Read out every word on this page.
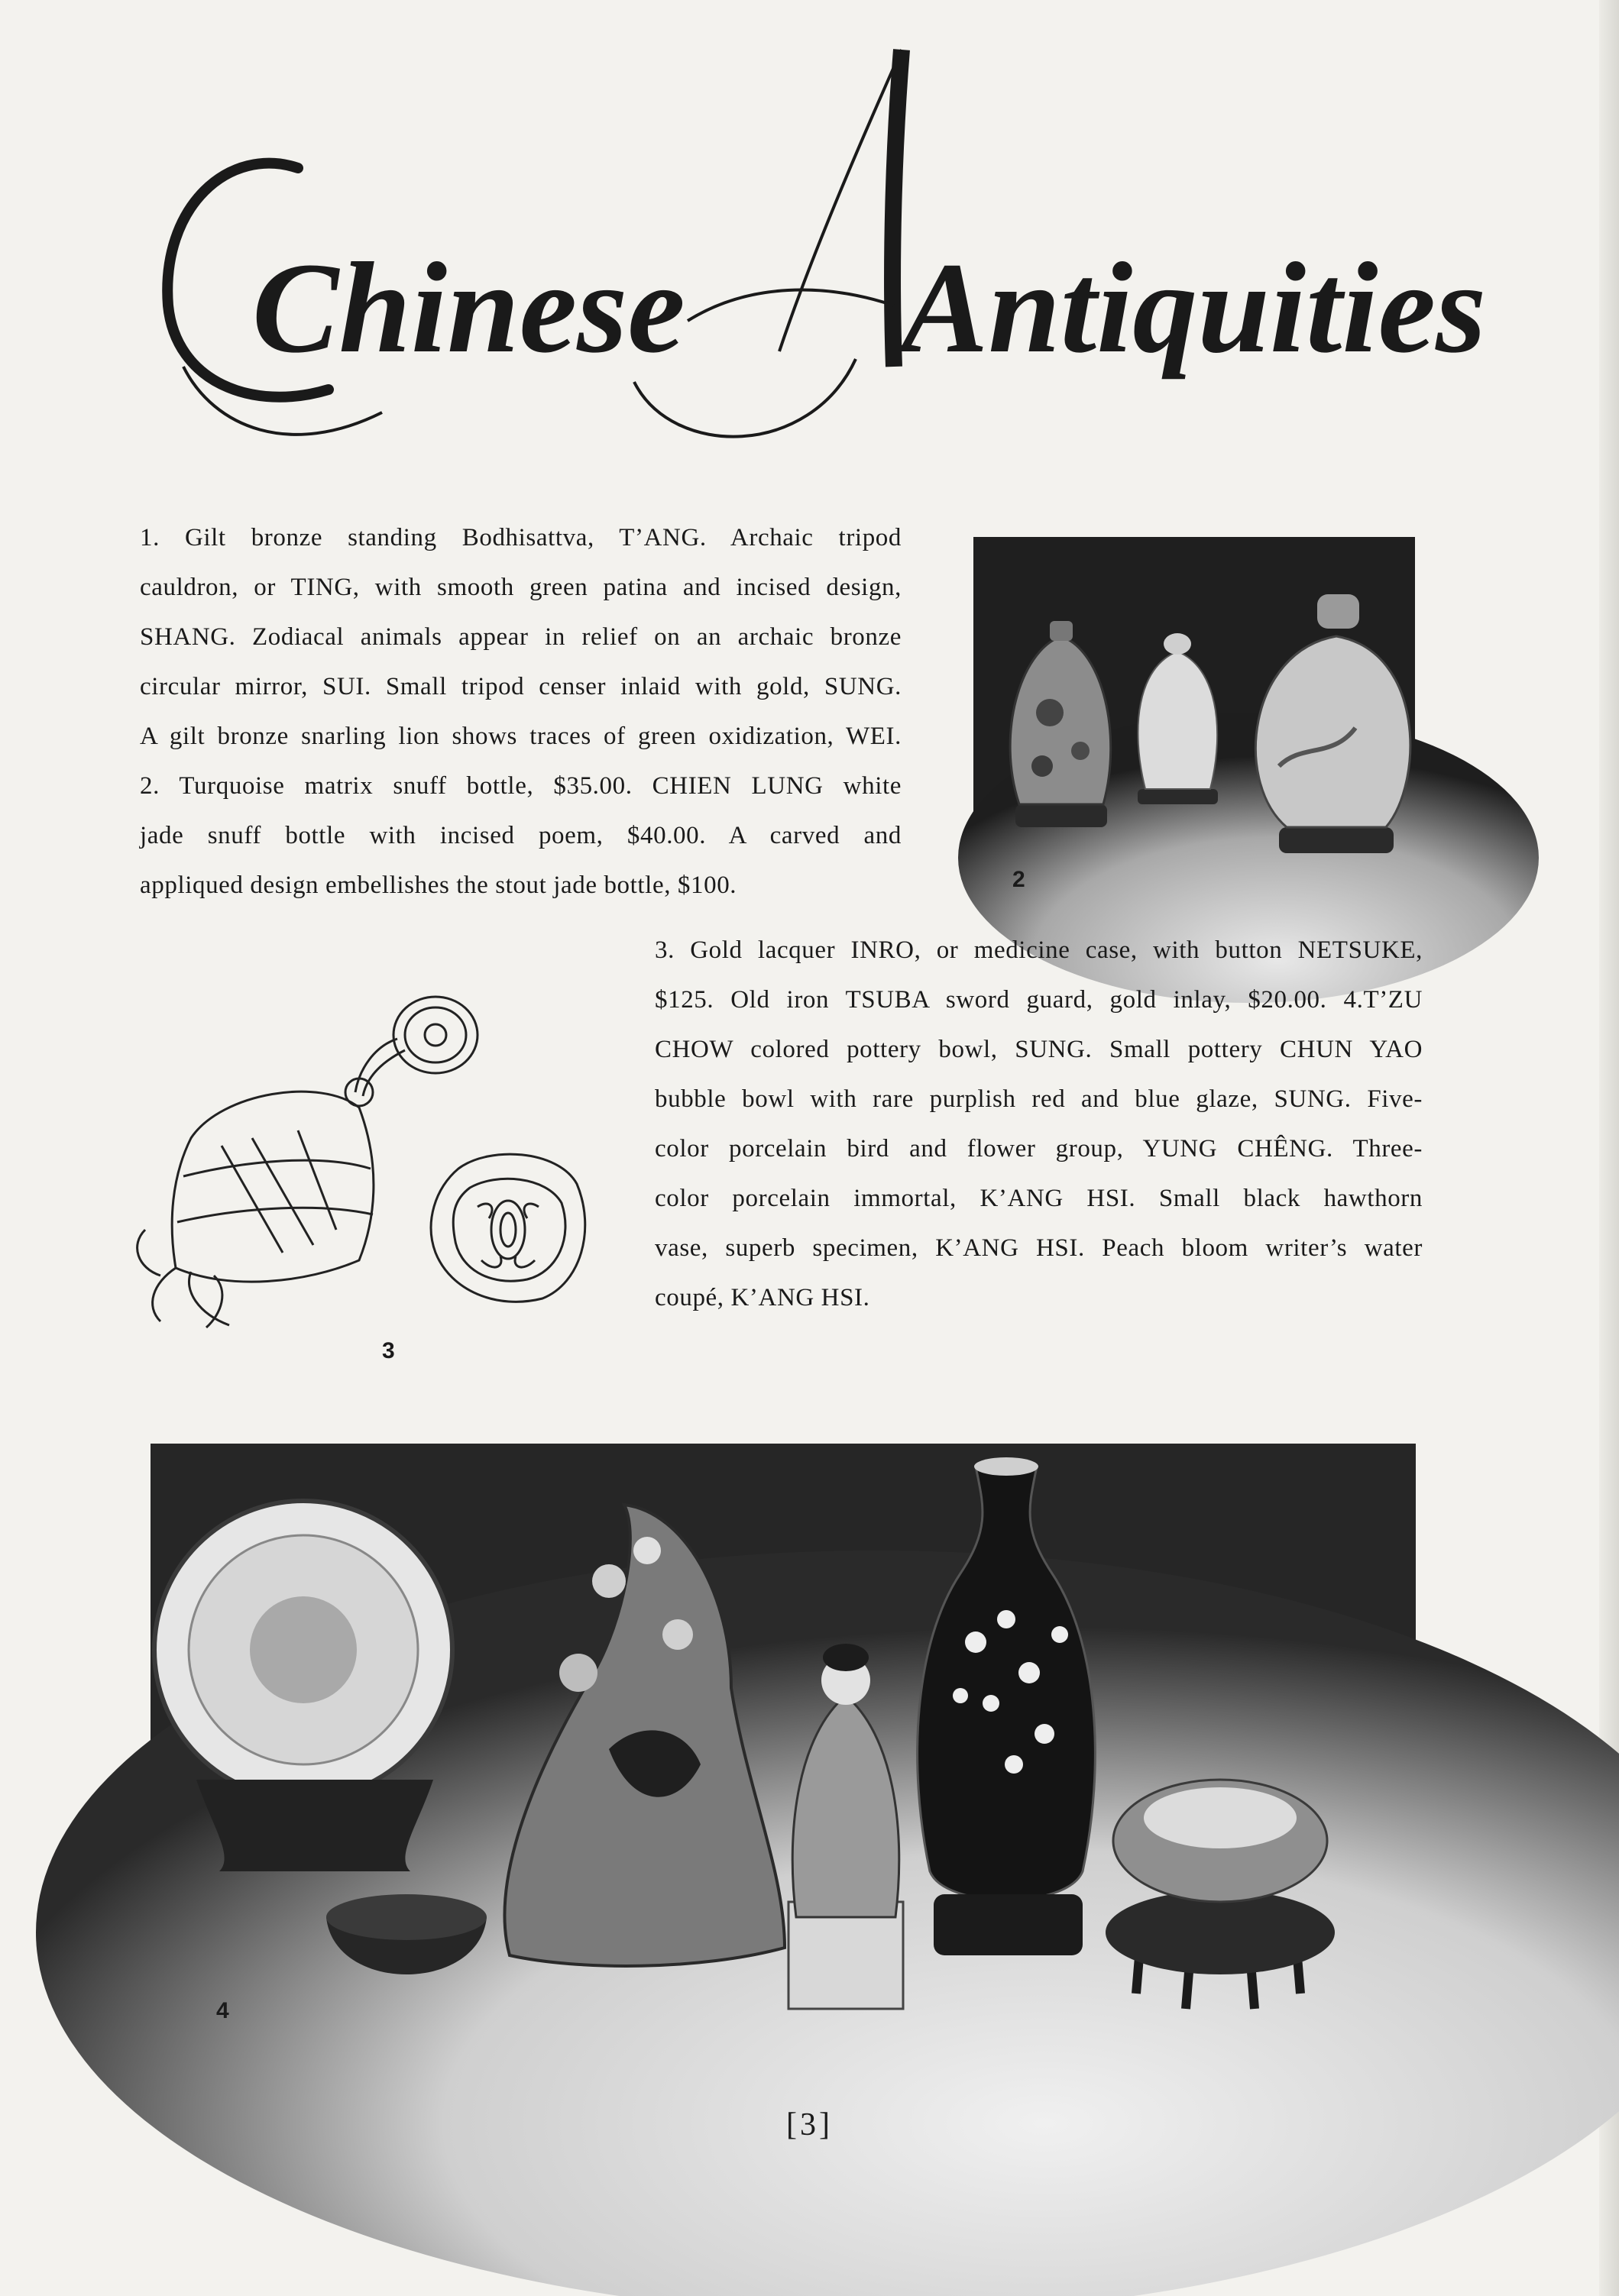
Chinese Antiquities
1. Gilt bronze standing Bodhisattva, T’ANG. Archaic tripod
cauldron, or TING, with smooth green patina and incised design,
SHANG. Zodiacal animals appear in relief on an archaic bronze
circular mirror, SUI. Small tripod censer inlaid with gold, SUNG.
A gilt bronze snarling lion shows traces of green oxidization, WEI.
2. Turquoise matrix snuff bottle, $35.00. CHIEN LUNG white
jade snuff bottle with incised poem, $40.00. A carved and
appliqued design embellishes the stout jade bottle, $100.	2
3. Gold lacquer INRO, or medicine case, with button NETSUKE,
$125. Old iron TSUBA sword guard, gold inlay, $20.00. 4.T’ZU
CHOW colored pottery bowl, SUNG. Small pottery CHUN YAO
bubble bowl with rare purplish red and blue glaze, SUNG. Five-
color porcelain bird and flower group, YUNG CHÊNG. Three-
color porcelain immortal, K’ANG HSI. Small black hawthorn
vase, superb specimen, K’ANG HSI. Peach bloom writer’s water
coupé, K’ANG HSI.
3
4
[3]
